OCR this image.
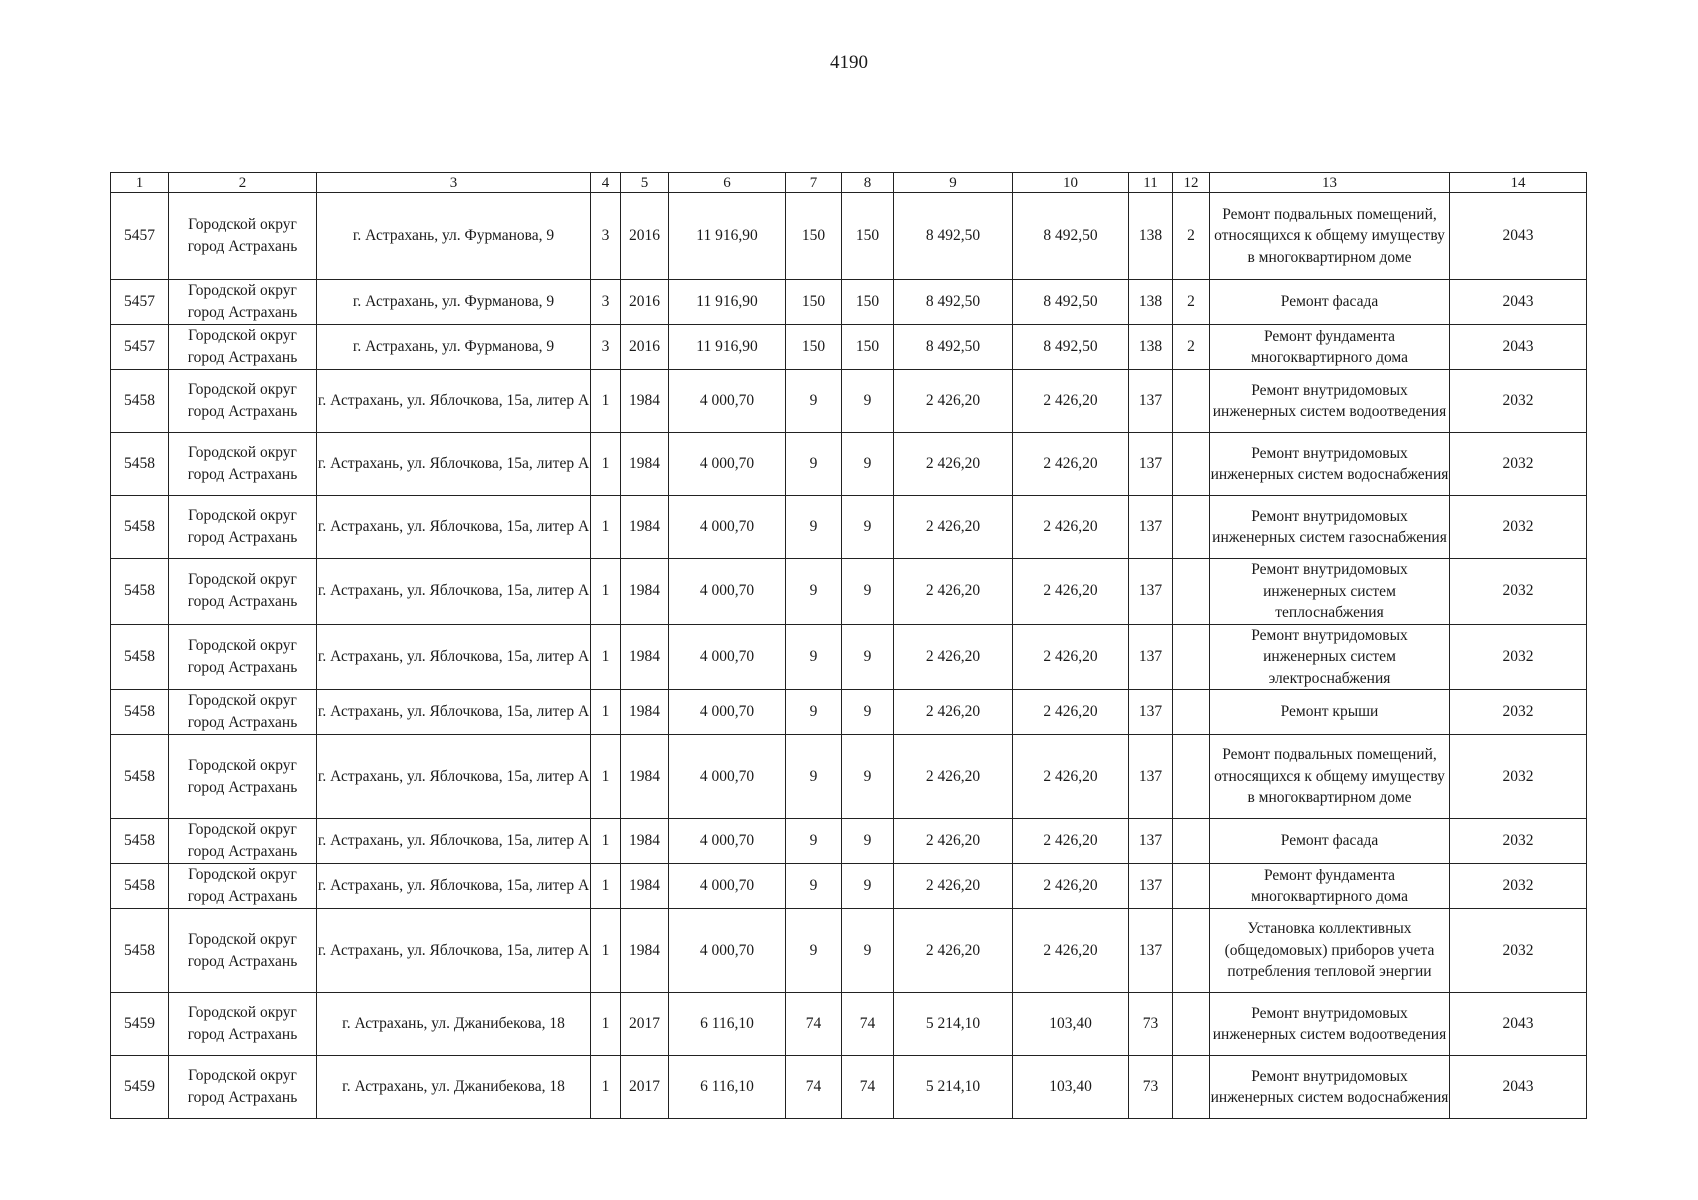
4190
1	2	3	4	5	6	7	8	9	10	11	12	13	14
5457	Городской округ город Астрахань	г. Астрахань, ул. Фурманова, 9	3	2016	11 916,90	150	150	8 492,50	8 492,50	138	2	Ремонт подвальных помещений, относящихся к общему имуществу в многоквартирном доме	2043
5457	Городской округ город Астрахань	г. Астрахань, ул. Фурманова, 9	3	2016	11 916,90	150	150	8 492,50	8 492,50	138	2	Ремонт фасада	2043
5457	Городской округ город Астрахань	г. Астрахань, ул. Фурманова, 9	3	2016	11 916,90	150	150	8 492,50	8 492,50	138	2	Ремонт фундамента многоквартирного дома	2043
5458	Городской округ город Астрахань	г. Астрахань, ул. Яблочкова, 15а, литер А	1	1984	4 000,70	9	9	2 426,20	2 426,20	137		Ремонт внутридомовых инженерных систем водоотведения	2032
5458	Городской округ город Астрахань	г. Астрахань, ул. Яблочкова, 15а, литер А	1	1984	4 000,70	9	9	2 426,20	2 426,20	137		Ремонт внутридомовых инженерных систем водоснабжения	2032
5458	Городской округ город Астрахань	г. Астрахань, ул. Яблочкова, 15а, литер А	1	1984	4 000,70	9	9	2 426,20	2 426,20	137		Ремонт внутридомовых инженерных систем газоснабжения	2032
5458	Городской округ город Астрахань	г. Астрахань, ул. Яблочкова, 15а, литер А	1	1984	4 000,70	9	9	2 426,20	2 426,20	137		Ремонт внутридомовых инженерных систем теплоснабжения	2032
5458	Городской округ город Астрахань	г. Астрахань, ул. Яблочкова, 15а, литер А	1	1984	4 000,70	9	9	2 426,20	2 426,20	137		Ремонт внутридомовых инженерных систем электроснабжения	2032
5458	Городской округ город Астрахань	г. Астрахань, ул. Яблочкова, 15а, литер А	1	1984	4 000,70	9	9	2 426,20	2 426,20	137		Ремонт крыши	2032
5458	Городской округ город Астрахань	г. Астрахань, ул. Яблочкова, 15а, литер А	1	1984	4 000,70	9	9	2 426,20	2 426,20	137		Ремонт подвальных помещений, относящихся к общему имуществу в многоквартирном доме	2032
5458	Городской округ город Астрахань	г. Астрахань, ул. Яблочкова, 15а, литер А	1	1984	4 000,70	9	9	2 426,20	2 426,20	137		Ремонт фасада	2032
5458	Городской округ город Астрахань	г. Астрахань, ул. Яблочкова, 15а, литер А	1	1984	4 000,70	9	9	2 426,20	2 426,20	137		Ремонт фундамента многоквартирного дома	2032
5458	Городской округ город Астрахань	г. Астрахань, ул. Яблочкова, 15а, литер А	1	1984	4 000,70	9	9	2 426,20	2 426,20	137		Установка коллективных (общедомовых) приборов учета потребления тепловой энергии	2032
5459	Городской округ город Астрахань	г. Астрахань, ул. Джанибекова, 18	1	2017	6 116,10	74	74	5 214,10	103,40	73		Ремонт внутридомовых инженерных систем водоотведения	2043
5459	Городской округ город Астрахань	г. Астрахань, ул. Джанибекова, 18	1	2017	6 116,10	74	74	5 214,10	103,40	73		Ремонт внутридомовых инженерных систем водоснабжения	2043
